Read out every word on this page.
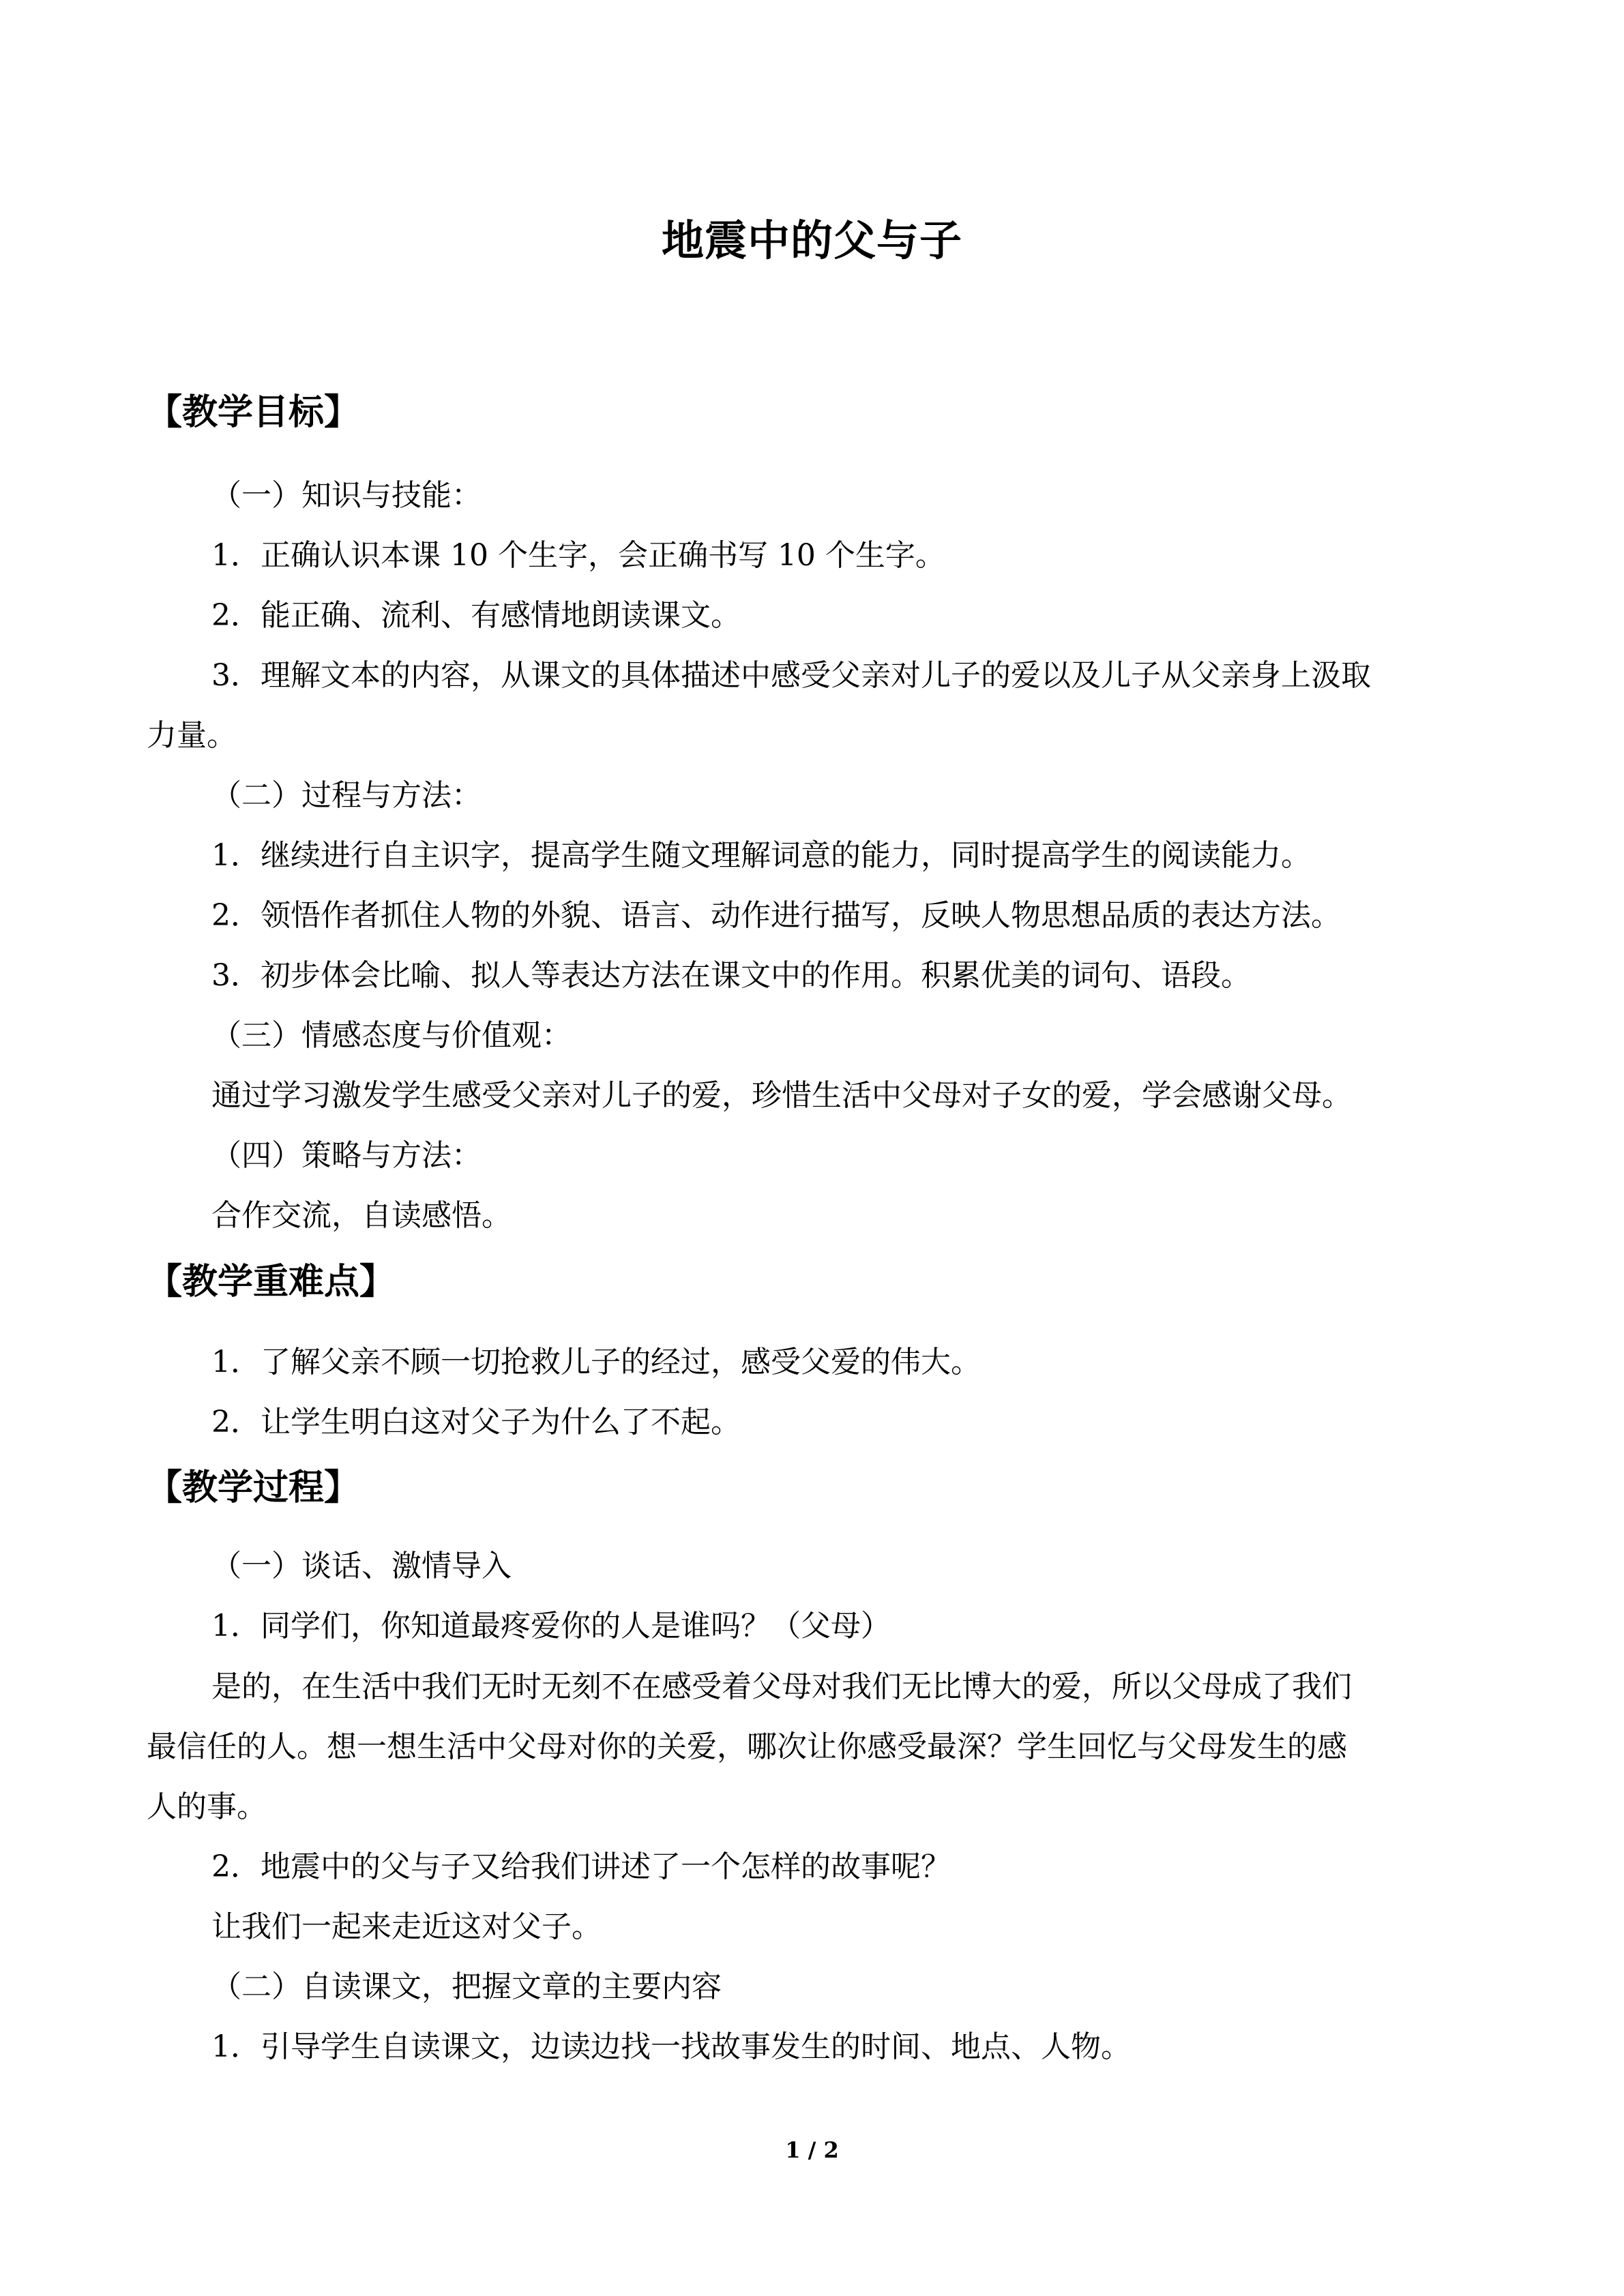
地震中的父与子
【教学目标】
（一）知识与技能：
1．正确认识本课 10 个生字，会正确书写 10 个生字。
2．能正确、流利、有感情地朗读课文。
3．理解文本的内容，从课文的具体描述中感受父亲对儿子的爱以及儿子从父亲身上汲取
力量。
（二）过程与方法：
1．继续进行自主识字，提高学生随文理解词意的能力，同时提高学生的阅读能力。
2．领悟作者抓住人物的外貌、语言、动作进行描写，反映人物思想品质的表达方法。
3．初步体会比喻、拟人等表达方法在课文中的作用。积累优美的词句、语段。
（三）情感态度与价值观：
通过学习激发学生感受父亲对儿子的爱，珍惜生活中父母对子女的爱，学会感谢父母。
（四）策略与方法：
合作交流，自读感悟。
【教学重难点】
1．了解父亲不顾一切抢救儿子的经过，感受父爱的伟大。
2．让学生明白这对父子为什么了不起。
【教学过程】
（一）谈话、激情导入
1．同学们，你知道最疼爱你的人是谁吗？（父母）
是的，在生活中我们无时无刻不在感受着父母对我们无比博大的爱，所以父母成了我们
最信任的人。想一想生活中父母对你的关爱，哪次让你感受最深？学生回忆与父母发生的感
人的事。
2．地震中的父与子又给我们讲述了一个怎样的故事呢？
让我们一起来走近这对父子。
（二）自读课文，把握文章的主要内容
1．引导学生自读课文，边读边找一找故事发生的时间、地点、人物。
1 / 2
